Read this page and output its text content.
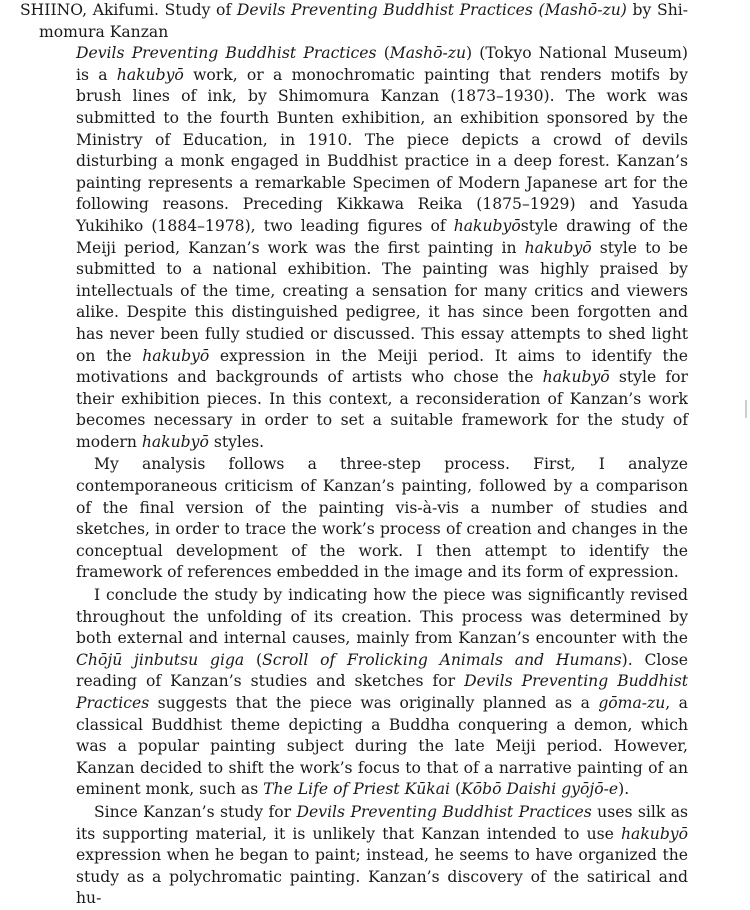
SHIINO, Akifumi. Study of Devils Preventing Buddhist Practices (Mashō-zu) by Shimomura Kanzan

Devils Preventing Buddhist Practices (Mashō-zu) (Tokyo National Museum) is a hakubyō work, or a monochromatic painting that renders motifs by brush lines of ink, by Shimomura Kanzan (1873–1930). The work was submitted to the fourth Bunten exhibition, an exhibition sponsored by the Ministry of Education, in 1910. The piece depicts a crowd of devils disturbing a monk engaged in Buddhist practice in a deep forest. Kanzan’s painting represents a remarkable Specimen of Modern Japanese art for the following reasons. Preceding Kikkawa Reika (1875–1929) and Yasuda Yukihiko (1884–1978), two leading figures of hakubyōstyle drawing of the Meiji period, Kanzan’s work was the first painting in hakubyō style to be submitted to a national exhibition. The painting was highly praised by intellectuals of the time, creating a sensation for many critics and viewers alike. Despite this distinguished pedigree, it has since been forgotten and has never been fully studied or discussed. This essay attempts to shed light on the hakubyō expression in the Meiji period. It aims to identify the motivations and backgrounds of artists who chose the hakubyō style for their exhibition pieces. In this context, a reconsideration of Kanzan’s work becomes necessary in order to set a suitable framework for the study of modern hakubyō styles.

My analysis follows a three-step process. First, I analyze contemporaneous criticism of Kanzan’s painting, followed by a comparison of the final version of the painting vis-à-vis a number of studies and sketches, in order to trace the work’s process of creation and changes in the conceptual development of the work. I then attempt to identify the framework of references embedded in the image and its form of expression.

I conclude the study by indicating how the piece was significantly revised throughout the unfolding of its creation. This process was determined by both external and internal causes, mainly from Kanzan’s encounter with the Chōjū jinbutsu giga (Scroll of Frolicking Animals and Humans). Close reading of Kanzan’s studies and sketches for Devils Preventing Buddhist Practices suggests that the piece was originally planned as a gōma-zu, a classical Buddhist theme depicting a Buddha conquering a demon, which was a popular painting subject during the late Meiji period. However, Kanzan decided to shift the work’s focus to that of a narrative painting of an eminent monk, such as The Life of Priest Kūkai (Kōbō Daishi gyōjō-e).

Since Kanzan’s study for Devils Preventing Buddhist Practices uses silk as its supporting material, it is unlikely that Kanzan intended to use hakubyō expression when he began to paint; instead, he seems to have organized the study as a polychromatic painting. Kanzan’s discovery of the satirical and hu-
